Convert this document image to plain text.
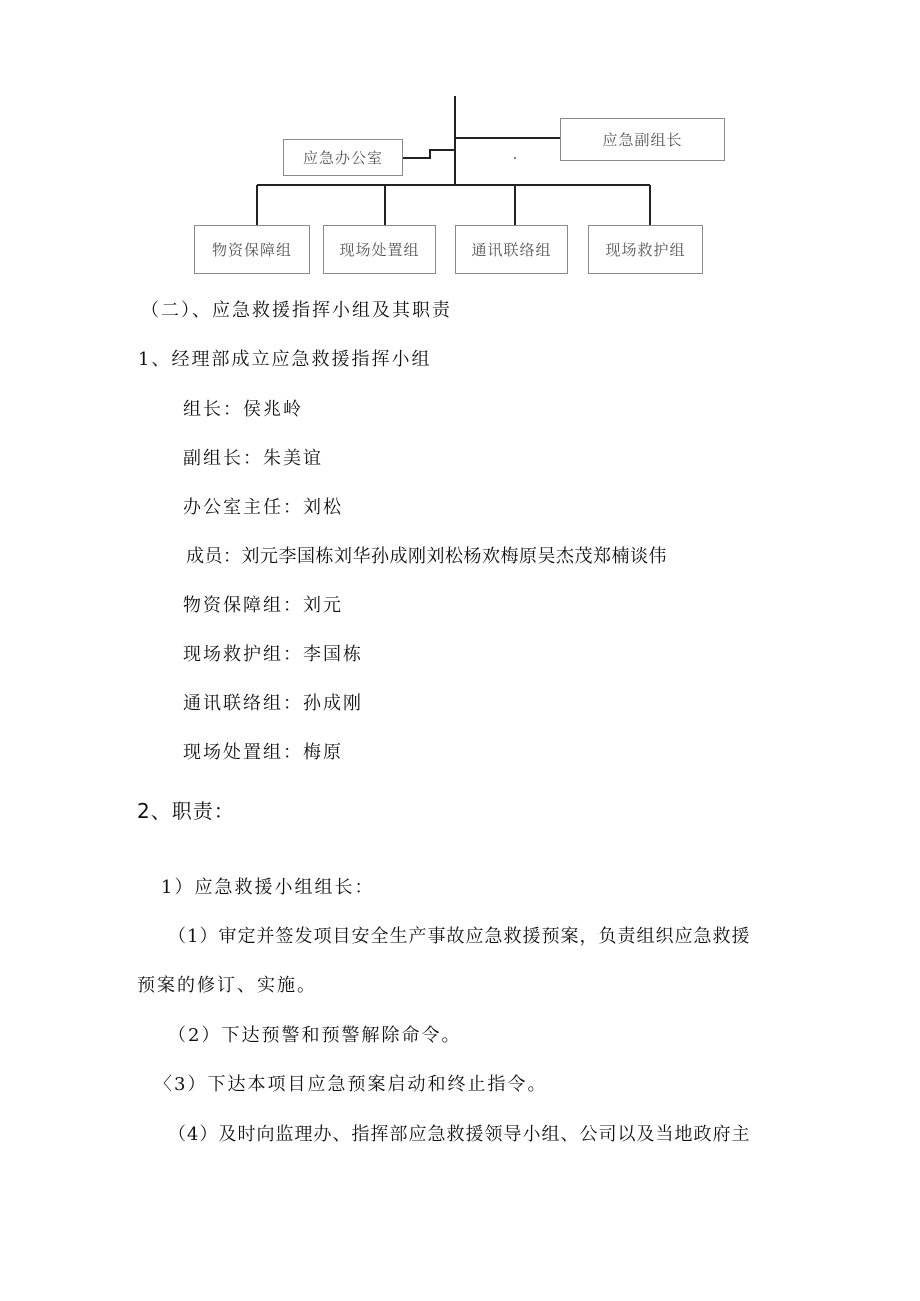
应急办公室
应急副组长
物资保障组	现场处置组	通讯联络组	现场救护组
（二）、应急救援指挥小组及其职责
1、经理部成立应急救援指挥小组
组长：侯兆岭
副组长：朱美谊
办公室主任：刘松
成员：刘元李国栋刘华孙成刚刘松杨欢梅原吴杰茂郑楠谈伟
物资保障组：刘元
现场救护组：李国栋
通讯联络组：孙成刚
现场处置组：梅原
2、职责：
1）应急救援小组组长：
（1）审定并签发项目安全生产事故应急救援预案，负责组织应急救援
预案的修订、实施。
（2）下达预警和预警解除命令。
〈3）下达本项目应急预案启动和终止指令。
（4）及时向监理办、指挥部应急救援领导小组、公司以及当地政府主
